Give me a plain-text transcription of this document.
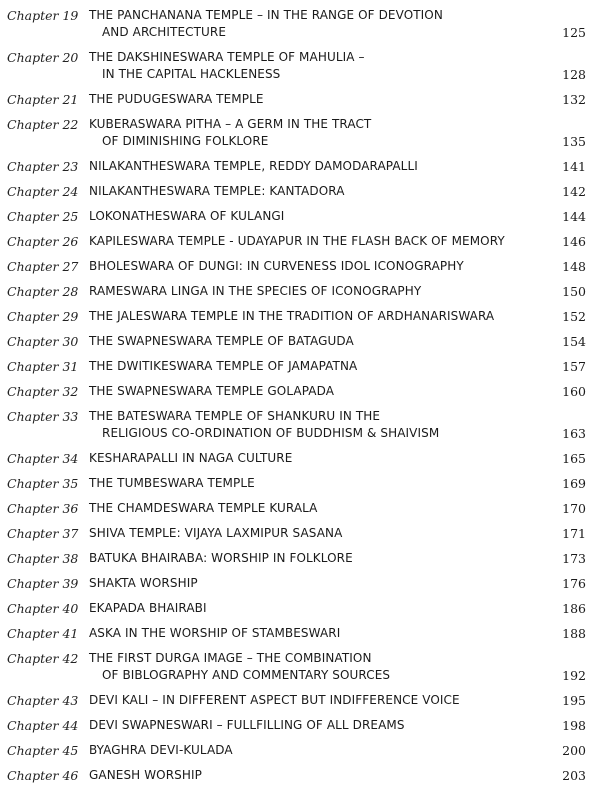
Chapter 19 THE PANCHANANA TEMPLE – IN THE RANGE OF DEVOTION
AND ARCHITECTURE	125
Chapter 20 THE DAKSHINESWARA TEMPLE OF MAHULIA –
IN THE CAPITAL HACKLENESS	128
Chapter 21 THE PUDUGESWARA TEMPLE	132
Chapter 22 KUBERASWARA PITHA – A GERM IN THE TRACT
OF DIMINISHING FOLKLORE	135
Chapter 23 NILAKANTHESWARA TEMPLE, REDDY DAMODARAPALLI	141
Chapter 24 NILAKANTHESWARA TEMPLE: KANTADORA	142
Chapter 25 LOKONATHESWARA OF KULANGI	144
Chapter 26 KAPILESWARA TEMPLE - UDAYAPUR IN THE FLASH BACK OF MEMORY	146
Chapter 27 BHOLESWARA OF DUNGI: IN CURVENESS IDOL ICONOGRAPHY	148
Chapter 28 RAMESWARA LINGA IN THE SPECIES OF ICONOGRAPHY	150
Chapter 29 THE JALESWARA TEMPLE IN THE TRADITION OF ARDHANARISWARA	152
Chapter 30 THE SWAPNESWARA TEMPLE OF BATAGUDA	154
Chapter 31 THE DWITIKESWARA TEMPLE OF JAMAPATNA	157
Chapter 32 THE SWAPNESWARA TEMPLE GOLAPADA	160
Chapter 33 THE BATESWARA TEMPLE OF SHANKURU IN THE
RELIGIOUS CO-ORDINATION OF BUDDHISM & SHAIVISM	163
Chapter 34 KESHARAPALLI IN NAGA CULTURE	165
Chapter 35 THE TUMBESWARA TEMPLE	169
Chapter 36 THE CHAMDESWARA TEMPLE KURALA	170
Chapter 37 SHIVA TEMPLE: VIJAYA LAXMIPUR SASANA	171
Chapter 38 BATUKA BHAIRABA: WORSHIP IN FOLKLORE	173
Chapter 39 SHAKTA WORSHIP	176
Chapter 40 EKAPADA BHAIRABI	186
Chapter 41 ASKA IN THE WORSHIP OF STAMBESWARI	188
Chapter 42 THE FIRST DURGA IMAGE – THE COMBINATION
OF BIBLOGRAPHY AND COMMENTARY SOURCES	192
Chapter 43 DEVI KALI – IN DIFFERENT ASPECT BUT INDIFFERENCE VOICE	195
Chapter 44 DEVI SWAPNESWARI – FULLFILLING OF ALL DREAMS	198
Chapter 45 BYAGHRA DEVI-KULADA	200
Chapter 46 GANESH WORSHIP	203
